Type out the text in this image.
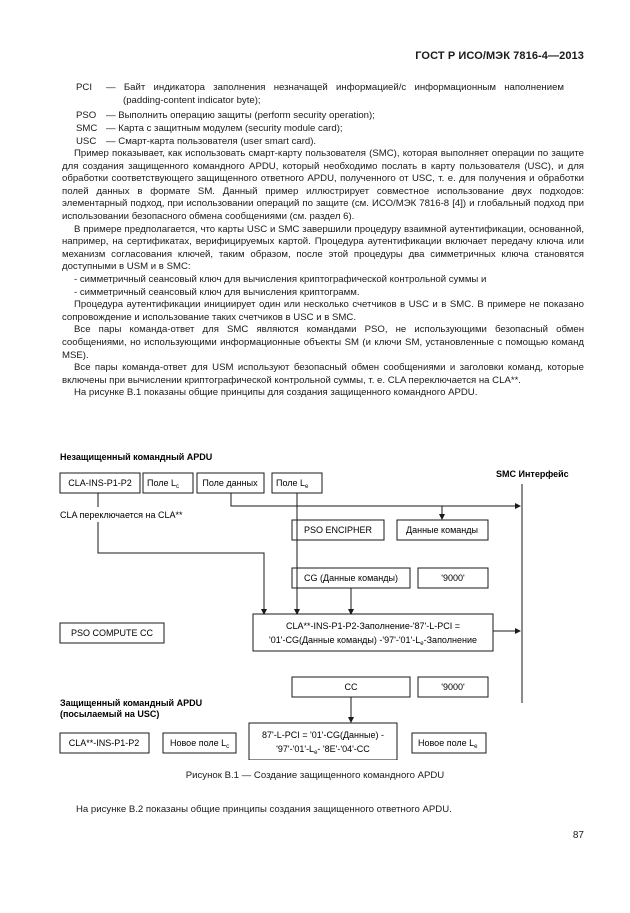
ГОСТ Р ИСО/МЭК 7816-4—2013
PCI — Байт индикатора заполнения незначащей информацией/с информационным наполнением
(padding-content indicator byte);
PSO — Выполнить операцию защиты (perform security operation);
SMC — Карта с защитным модулем (security module card);
USC — Смарт-карта пользователя (user smart card).

Пример показывает, как использовать смарт-карту пользователя (SMC), которая выполняет операции по защите для создания защищенного командного APDU, который необходимо послать в карту пользователя (USC), и для обработки соответствующего защищенного ответного APDU, полученного от USC, т. е. для получения и обработки полей данных в формате SM. Данный пример иллюстрирует совместное использование двух подходов: элементарный подход, при использовании операций по защите (см. ИСО/МЭК 7816-8 [4]) и глобальный подход при использовании безопасного обмена сообщениями (см. раздел 6).

В примере предполагается, что карты USC и SMC завершили процедуру взаимной аутентификации, основанной, например, на сертификатах, верифицируемых картой. Процедура аутентификации включает передачу ключа или механизм согласования ключей, таким образом, после этой процедуры два симметричных ключа становятся доступными в USM и в SMC:

- симметричный сеансовый ключ для вычисления криптографической контрольной суммы и

- симметричный сеансовый ключ для вычисления криптограмм.

Процедура аутентификации инициирует один или несколько счетчиков в USC и в SMC. В примере не показано сопровождение и использование таких счетчиков в USC и в SMC.

Все пары команда-ответ для SMC являются командами PSO, не использующими безопасный обмен сообщениями, но использующими информационные объекты SM (и ключи SM, установленные с помощью команд MSE).

Все пары команда-ответ для USM используют безопасный обмен сообщениями и заголовки команд, которые включены при вычислении криптографической контрольной суммы, т. е. CLA переключается на CLA**.

На рисунке В.1 показаны общие принципы для создания защищенного командного APDU.

Незащищенный командный APDU
SMC Интерфейс
CLA-INS-P1-P2 Поле $L_c$	Поле данных Поле $L_e$
CLA переключается на CLA**
PSO ENCIPHER	Данные команды
CG (Данные команды)	'9000'
CLA**-INS-P1-P2-Заполнение-'87'-L-PCI =
'01'-CG(Данные команды) $-'97'-'01'-L_e$-Заполнение
PSO COMPUTE CC
CC	'9000'
Защищенный командный APDU
(посылаемый на USC)
CLA**-INS-P1-P2	Новое поле $L_c$
87'-L-PCI = '01'-CG(Данные) -
'$97'-'01'-L_e-$ '8E'-'04'-CC
Новое поле $L_e$
Рисунок В.1 — Создание защищенного командного APDU
На рисунке В.2 показаны общие принципы создания защищенного ответного APDU.
87
